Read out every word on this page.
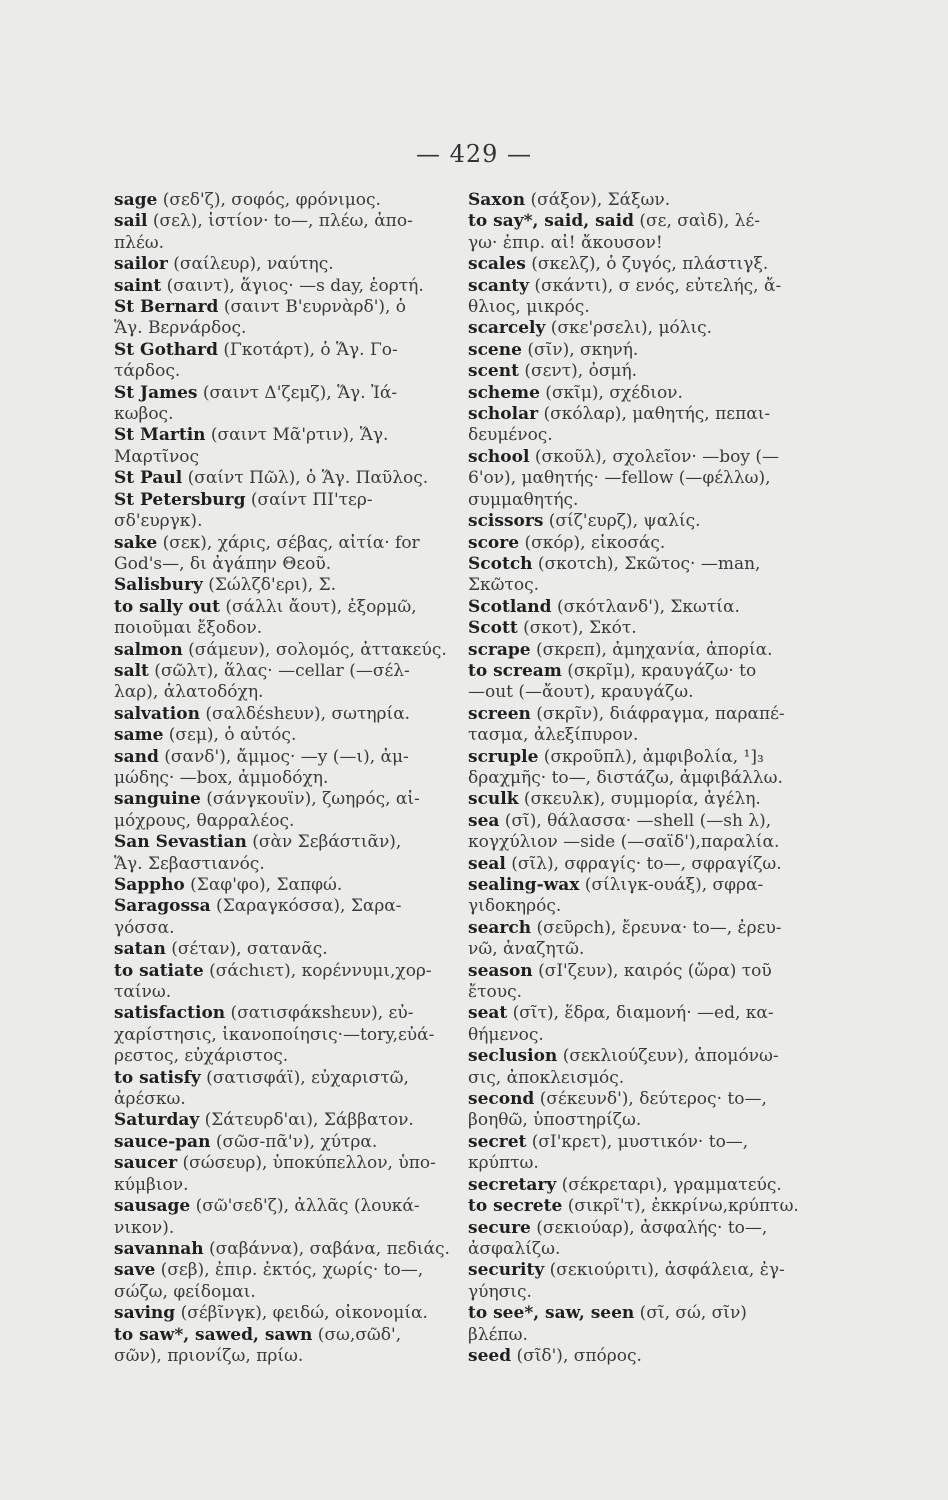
— 429 —
sage (σεδ'ζ), σοφός, φρόνιμος.
sail (σελ), ἱστίον· to—, πλέω, ἀπο-
πλέω.
sailor (σαίλευρ), ναύτης.
saint (σαιντ), ἅγιος· —s day, ἑορτή.
St Bernard (σαιντ Β'ευρνὰρδ'), ὁ
Ἅγ. Βερνάρδος.
St Gothard (Γκοτάρτ), ὁ Ἅγ. Γο-
τάρδος.
St James (σαιντ Δ'ζεμζ), Ἅγ. Ἰά-
κωβος.
St Martin (σαιντ Μᾶ'ρτιν), Ἅγ.
Μαρτῖνος
St Paul (σαίντ Πῶλ), ὁ Ἅγ. Παῦλος.
St Petersburg (σαίντ ΠΙ'τερ-
σδ'ευργκ).
sake (σεκ), χάρις, σέβας, αἰτία· for
God's—, δι ἀγάπην Θεοῦ.
Salisbury (Σώλζδ'ερι), Σ.
to sally out (σάλλι ἄουτ), ἐξορμῶ,
ποιοῦμαι ἔξοδον.
salmon (σάμευν), σολομός, ἀττακεύς.
salt (σῶλτ), ἅλας· —cellar (—σέλ-
λαρ), ἁλατοδόχη.
salvation (σαλδέshευν), σωτηρία.
same (σεμ), ὁ αὐτός.
sand (σανδ'), ἄμμος· —y (—ι), ἀμ-
μώδης· —box, ἀμμοδόχη.
sanguine (σάνγκουϊν), ζωηρός, αἱ-
μόχρους, θαρραλέος.
San Sevastian (σὰν Σεβάστιᾶν),
Ἅγ. Σεβαστιανός.
Sappho (Σαφ'φο), Σαπφώ.
Saragossa (Σαραγκόσσα), Σαρα-
γόσσα.
satan (σέταν), σατανᾶς.
to satiate (σάchιετ), κορέννυμι,χορ-
ταίνω.
satisfaction (σατισφάκshευν), εὐ-
χαρίστησις, ἱκανοποίησις·—tory,εὐά-
ρεστος, εὐχάριστος.
to satisfy (σατισφάϊ), εὐχαριστῶ,
ἀρέσκω.
Saturday (Σάτευρδ'αι), Σάββατον.
sauce-pan (σῶσ-πᾶ'ν), χύτρα.
saucer (σώσευρ), ὑποκύπελλον, ὑπο-
κύμβιον.
sausage (σῶ'σεδ'ζ), ἀλλᾶς (λουκά-
νικον).
savannah (σαβάννα), σαβάνα, πεδιάς.
save (σεβ), ἐπιρ. ἐκτός, χωρίς· to—,
σώζω, φείδομαι.
saving (σέβῖνγκ), φειδώ, οἰκονομία.
to saw*, sawed, sawn (σω,σῶδ',
σῶν), πριονίζω, πρίω.
Saxon (σάξον), Σάξων.
to say*, said, said (σε, σαὶδ), λέ-
γω· ἐπιρ. αἰ! ἄκουσον!
scales (σκελζ), ὁ ζυγός, πλάστιγξ.
scanty (σκάντι), σ ενός, εὐτελής, ἄ-
θλιος, μικρός.
scarcely (σκε'ρσελι), μόλις.
scene (σῖν), σκηνή.
scent (σεντ), ὀσμή.
scheme (σκῖμ), σχέδιον.
scholar (σκόλαρ), μαθητής, πεπαι-
δευμένος.
school (σκοῦλ), σχολεῖον· —boy (—
6'ον), μαθητής· —fellow (—φέλλω),
συμμαθητής.
scissors (σίζ'ευρζ), ψαλίς.
score (σκόρ), εἰκοσάς.
Scotch (σκοτch), Σκῶτος· —man,
Σκῶτος.
Scotland (σκότλανδ'), Σκωτία.
Scott (σκοτ), Σκότ.
scrape (σκρεπ), ἀμηχανία, ἀπορία.
to scream (σκρῖμ), κραυγάζω· to
—out (—ἄουτ), κραυγάζω.
screen (σκρῖν), διάφραγμα, παραπέ-
τασμα, ἀλεξίπυρον.
scruple (σκροῦπλ), ἀμφιβολία, ¹]₃
δραχμῆς· to—, διστάζω, ἀμφιβάλλω.
sculk (σκευλκ), συμμορία, ἀγέλη.
sea (σῖ), θάλασσα· —shell (—sh λ),
κογχύλιον —side (—σαϊδ'),παραλία.
seal (σῖλ), σφραγίς· to—, σφραγίζω.
sealing-wax (σίλιγκ-ουάξ), σφρα-
γιδοκηρός.
search (σεῦρch), ἔρευνα· to—, ἐρευ-
νῶ, ἀναζητῶ.
season (σΙ'ζευν), καιρός (ὥρα) τοῦ
ἔτους.
seat (σῖτ), ἕδρα, διαμονή· —ed, κα-
θήμενος.
seclusion (σεκλιούζευν), ἀπομόνω-
σις, ἀποκλεισμός.
second (σέκευνδ'), δεύτερος· to—,
βοηθῶ, ὑποστηρίζω.
secret (σΙ'κρετ), μυστικόν· to—,
κρύπτω.
secretary (σέκρεταρι), γραμματεύς.
to secrete (σικρῖ'τ), ἐκκρίνω,κρύπτω.
secure (σεκιούαρ), ἀσφαλής· to—,
ἀσφαλίζω.
security (σεκιούριτι), ἀσφάλεια, ἐγ-
γύησις.
to see*, saw, seen (σῖ, σώ, σῖν)
βλέπω.
seed (σῖδ'), σπόρος.
